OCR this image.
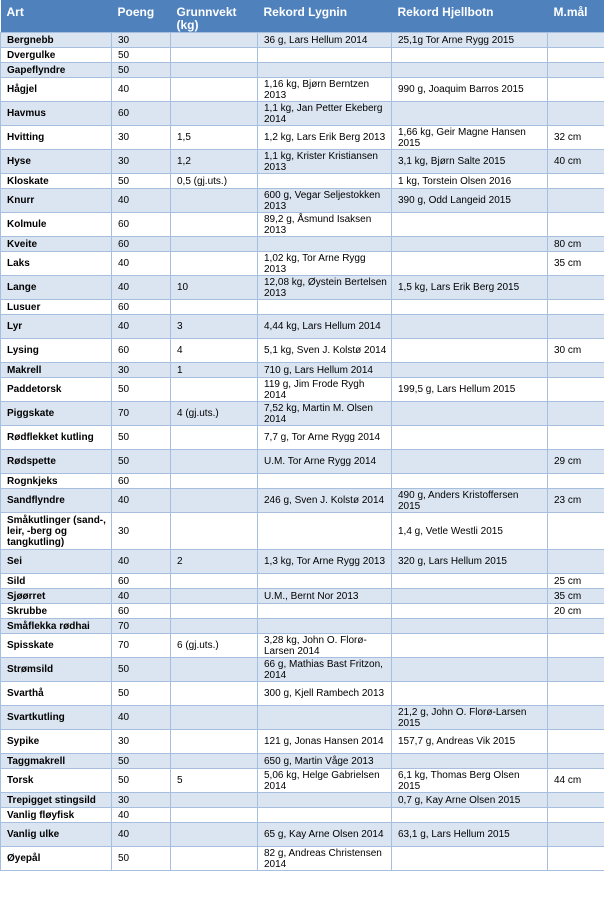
Art	Poeng	Grunnvekt (kg)	Rekord Lygnin	Rekord Hjellbotn	M.mål
Bergnebb	30		36 g, Lars Hellum 2014	25,1g Tor Arne Rygg 2015	
Dvergulke	50				
Gapeflyndre	50				
Hågjel	40		1,16 kg, Bjørn Berntzen 2013	990 g, Joaquim Barros 2015	
Havmus	60		1,1 kg, Jan Petter Ekeberg 2014		
Hvitting	30	1,5	1,2 kg, Lars Erik Berg 2013	1,66 kg, Geir Magne Hansen 2015	32 cm
Hyse	30	1,2	1,1 kg, Krister Kristiansen 2013	3,1 kg, Bjørn Salte 2015	40 cm
Kloskate	50	0,5 (gj.uts.)		1 kg, Torstein Olsen 2016	
Knurr	40		600 g, Vegar Seljestokken 2013	390 g, Odd Langeid 2015	
Kolmule	60		89,2 g, Åsmund Isaksen 2013		
Kveite	60				80 cm
Laks	40		1,02 kg, Tor Arne Rygg 2013		35 cm
Lange	40	10	12,08 kg, Øystein Bertelsen 2013	1,5 kg, Lars Erik Berg 2015	
Lusuer	60				
Lyr	40	3	4,44 kg, Lars Hellum 2014		
Lysing	60	4	5,1 kg, Sven J. Kolstø 2014		30 cm
Makrell	30	1	710 g, Lars Hellum 2014		
Paddetorsk	50		119 g, Jim Frode Rygh 2014	199,5 g, Lars Hellum 2015	
Piggskate	70	4 (gj.uts.)	7,52 kg, Martin M. Olsen 2014		
Rødflekket kutling	50		7,7 g, Tor Arne Rygg 2014		
Rødspette	50		U.M. Tor Arne Rygg 2014		29 cm
Rognkjeks	60				
Sandflyndre	40		246 g, Sven J. Kolstø 2014	490 g, Anders Kristoffersen 2015	23 cm
Småkutlinger (sand-, leir, -berg og tangkutling)	30			1,4 g, Vetle Westli 2015	
Sei	40	2	1,3 kg, Tor Arne Rygg 2013	320 g, Lars Hellum 2015	
Sild	60				25 cm
Sjøørret	40		U.M., Bernt Nor 2013		35 cm
Skrubbe	60				20 cm
Småflekka rødhai	70				
Spisskate	70	6 (gj.uts.)	3,28 kg, John O. Florø-Larsen 2014		
Strømsild	50		66 g, Mathias Bast Fritzon, 2014		
Svarthå	50		300 g, Kjell Rambech 2013		
Svartkutling	40			21,2 g, John O. Florø-Larsen 2015	
Sypike	30		121 g, Jonas Hansen 2014	157,7 g, Andreas Vik 2015	
Taggmakrell	50		650 g, Martin Våge 2013		
Torsk	50	5	5,06 kg, Helge Gabrielsen 2014	6,1 kg, Thomas Berg Olsen 2015	44 cm
Trepigget stingsild	30			0,7 g, Kay Arne Olsen 2015	
Vanlig fløyfisk	40				
Vanlig ulke	40		65 g, Kay Arne Olsen 2014	63,1 g, Lars Hellum 2015	
Øyepål	50		82 g, Andreas Christensen 2014		
